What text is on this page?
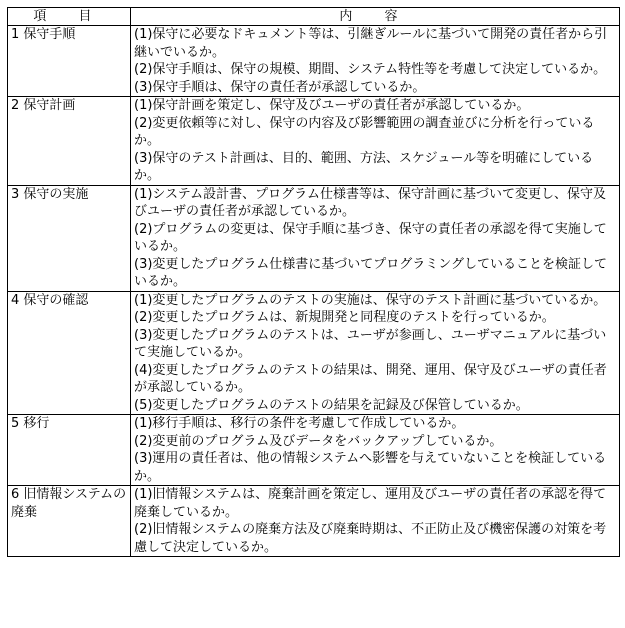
項 目	内 容
1 保守手順	(1)保守に必要なドキュメント等は、引継ぎルールに基づいて開発の責任者から引継いでいるか。
(2)保守手順は、保守の規模、期間、システム特性等を考慮して決定しているか。
(3)保守手順は、保守の責任者が承認しているか。

2 保守計画	(1)保守計画を策定し、保守及びユーザの責任者が承認しているか。
(2)変更依頼等に対し、保守の内容及び影響範囲の調査並びに分析を行っているか。
(3)保守のテスト計画は、目的、範囲、方法、スケジュール等を明確にしているか。

3 保守の実施	(1)システム設計書、プログラム仕様書等は、保守計画に基づいて変更し、保守及びユーザの責任者が承認しているか。
(2)プログラムの変更は、保守手順に基づき、保守の責任者の承認を得て実施しているか。
(3)変更したプログラム仕様書に基づいてプログラミングしていることを検証しているか。

4 保守の確認	(1)変更したプログラムのテストの実施は、保守のテスト計画に基づいているか。
(2)変更したプログラムは、新規開発と同程度のテストを行っているか。
(3)変更したプログラムのテストは、ユーザが参画し、ユーザマニュアルに基づいて実施しているか。
(4)変更したプログラムのテストの結果は、開発、運用、保守及びユーザの責任者が承認しているか。
(5)変更したプログラムのテストの結果を記録及び保管しているか。

5 移行	(1)移行手順は、移行の条件を考慮して作成しているか。
(2)変更前のプログラム及びデータをバックアップしているか。
(3)運用の責任者は、他の情報システムへ影響を与えていないことを検証しているか。

6 旧情報システムの廃棄	(1)旧情報システムは、廃棄計画を策定し、運用及びユーザの責任者の承認を得て廃棄しているか。
(2)旧情報システムの廃棄方法及び廃棄時期は、不正防止及び機密保護の対策を考慮して決定しているか。
